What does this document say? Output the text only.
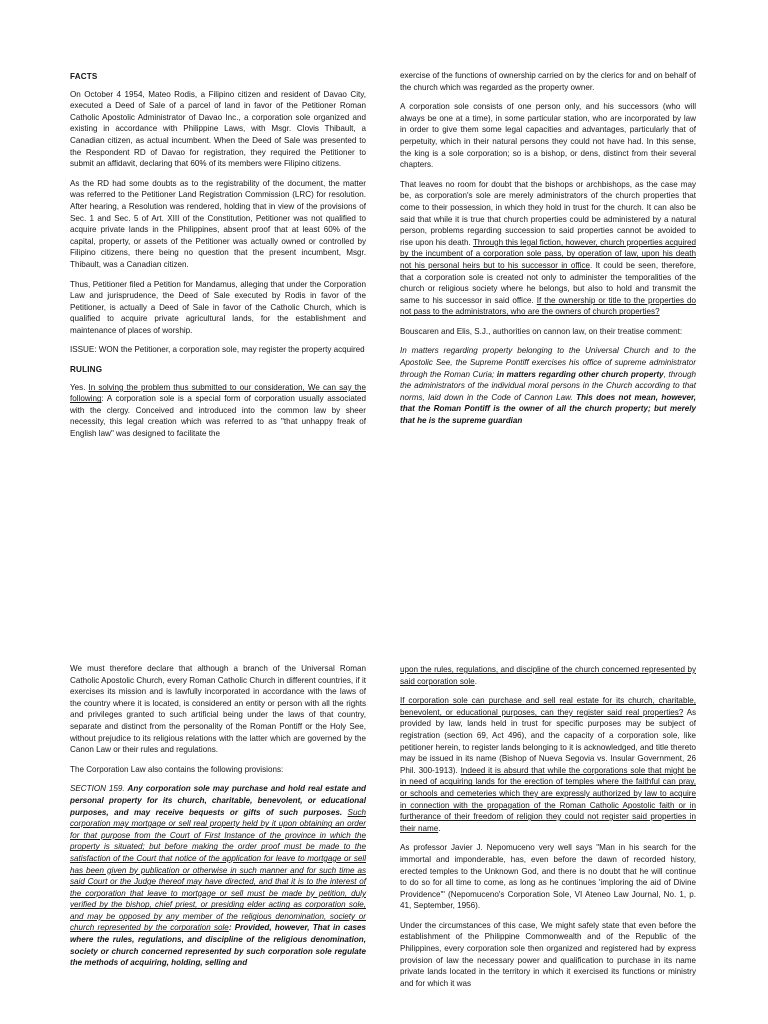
FACTS

On October 4 1954, Mateo Rodis, a Filipino citizen and resident of Davao City, executed a Deed of Sale of a parcel of land in favor of the Petitioner Roman Catholic Apostolic Administrator of Davao Inc., a corporation sole organized and existing in accordance with Philippine Laws, with Msgr. Clovis Thibault, a Canadian citizen, as actual incumbent. When the Deed of Sale was presented to the Respondent RD of Davao for registration, they required the Petitioner to submit an affidavit, declaring that 60% of its members were Filipino citizens.

As the RD had some doubts as to the registrability of the document, the matter was referred to the Petitioner Land Registration Commission (LRC) for resolution. After hearing, a Resolution was rendered, holding that in view of the provisions of Sec. 1 and Sec. 5 of Art. XIII of the Constitution, Petitioner was not qualified to acquire private lands in the Philippines, absent proof that at least 60% of the capital, property, or assets of the Petitioner was actually owned or controlled by Filipino citizens, there being no question that the present incumbent, Msgr. Thibault, was a Canadian citizen.

Thus, Petitioner filed a Petition for Mandamus, alleging that under the Corporation Law and jurisprudence, the Deed of Sale executed by Rodis in favor of the Petitioner, is actually a Deed of Sale in favor of the Catholic Church, which is qualified to acquire private agricultural lands, for the establishment and maintenance of places of worship.

ISSUE: WON the Petitioner, a corporation sole, may register the property acquired

RULING

Yes. In solving the problem thus submitted to our consideration, We can say the following: A corporation sole is a special form of corporation usually associated with the clergy. Conceived and introduced into the common law by sheer necessity, this legal creation which was referred to as "that unhappy freak of English law" was designed to facilitate the

exercise of the functions of ownership carried on by the clerics for and on behalf of the church which was regarded as the property owner.

A corporation sole consists of one person only, and his successors (who will always be one at a time), in some particular station, who are incorporated by law in order to give them some legal capacities and advantages, particularly that of perpetuity, which in their natural persons they could not have had. In this sense, the king is a sole corporation; so is a bishop, or dens, distinct from their several chapters.

That leaves no room for doubt that the bishops or archbishops, as the case may be, as corporation's sole are merely administrators of the church properties that come to their possession, in which they hold in trust for the church. It can also be said that while it is true that church properties could be administered by a natural person, problems regarding succession to said properties cannot be avoided to rise upon his death. Through this legal fiction, however, church properties acquired by the incumbent of a corporation sole pass, by operation of law, upon his death not his personal heirs but to his successor in office. It could be seen, therefore, that a corporation sole is created not only to administer the temporalities of the church or religious society where he belongs, but also to hold and transmit the same to his successor in said office. If the ownership or title to the properties do not pass to the administrators, who are the owners of church properties?

Bouscaren and Elis, S.J., authorities on cannon law, on their treatise comment:

In matters regarding property belonging to the Universal Church and to the Apostolic See, the Supreme Pontiff exercises his office of supreme administrator through the Roman Curia; in matters regarding other church property, through the administrators of the individual moral persons in the Church according to that norms, laid down in the Code of Cannon Law. This does not mean, however, that the Roman Pontiff is the owner of all the church property; but merely that he is the supreme guardian

We must therefore declare that although a branch of the Universal Roman Catholic Apostolic Church, every Roman Catholic Church in different countries, if it exercises its mission and is lawfully incorporated in accordance with the laws of the country where it is located, is considered an entity or person with all the rights and privileges granted to such artificial being under the laws of that country, separate and distinct from the personality of the Roman Pontiff or the Holy See, without prejudice to its religious relations with the latter which are governed by the Canon Law or their rules and regulations.

The Corporation Law also contains the following provisions:

SECTION 159. Any corporation sole may purchase and hold real estate and personal property for its church, charitable, benevolent, or educational purposes, and may receive bequests or gifts of such purposes. Such corporation may mortgage or sell real property held by it upon obtaining an order for that purpose from the Court of First Instance of the province in which the property is situated; but before making the order proof must be made to the satisfaction of the Court that notice of the application for leave to mortgage or sell has been given by publication or otherwise in such manner and for such time as said Court or the Judge thereof may have directed, and that it is to the interest of the corporation that leave to mortgage or sell must be made by petition, duly verified by the bishop, chief priest, or presiding elder acting as corporation sole, and may be opposed by any member of the religious denomination, society or church represented by the corporation sole: Provided, however, That in cases where the rules, regulations, and discipline of the religious denomination, society or church concerned represented by such corporation sole regulate the methods of acquiring, holding, selling and

upon the rules, regulations, and discipline of the church concerned represented by said corporation sole.

If corporation sole can purchase and sell real estate for its church, charitable, benevolent, or educational purposes, can they register said real properties? As provided by law, lands held in trust for specific purposes may be subject of registration (section 69, Act 496), and the capacity of a corporation sole, like petitioner herein, to register lands belonging to it is acknowledged, and title thereto may be issued in its name (Bishop of Nueva Segovia vs. Insular Government, 26 Phil. 300-1913). Indeed it is absurd that while the corporations sole that might be in need of acquiring lands for the erection of temples where the faithful can pray, or schools and cemeteries which they are expressly authorized by law to acquire in connection with the propagation of the Roman Catholic Apostolic faith or in furtherance of their freedom of religion they could not register said properties in their name.

As professor Javier J. Nepomuceno very well says "Man in his search for the immortal and imponderable, has, even before the dawn of recorded history, erected temples to the Unknown God, and there is no doubt that he will continue to do so for all time to come, as long as he continues 'imploring the aid of Divine Providence'" (Nepomuceno's Corporation Sole, VI Ateneo Law Journal, No. 1, p. 41, September, 1956).

Under the circumstances of this case, We might safely state that even before the establishment of the Philippine Commonwealth and of the Republic of the Philippines, every corporation sole then organized and registered had by express provision of law the necessary power and qualification to purchase in its name private lands located in the territory in which it exercised its functions or ministry and for which it was
